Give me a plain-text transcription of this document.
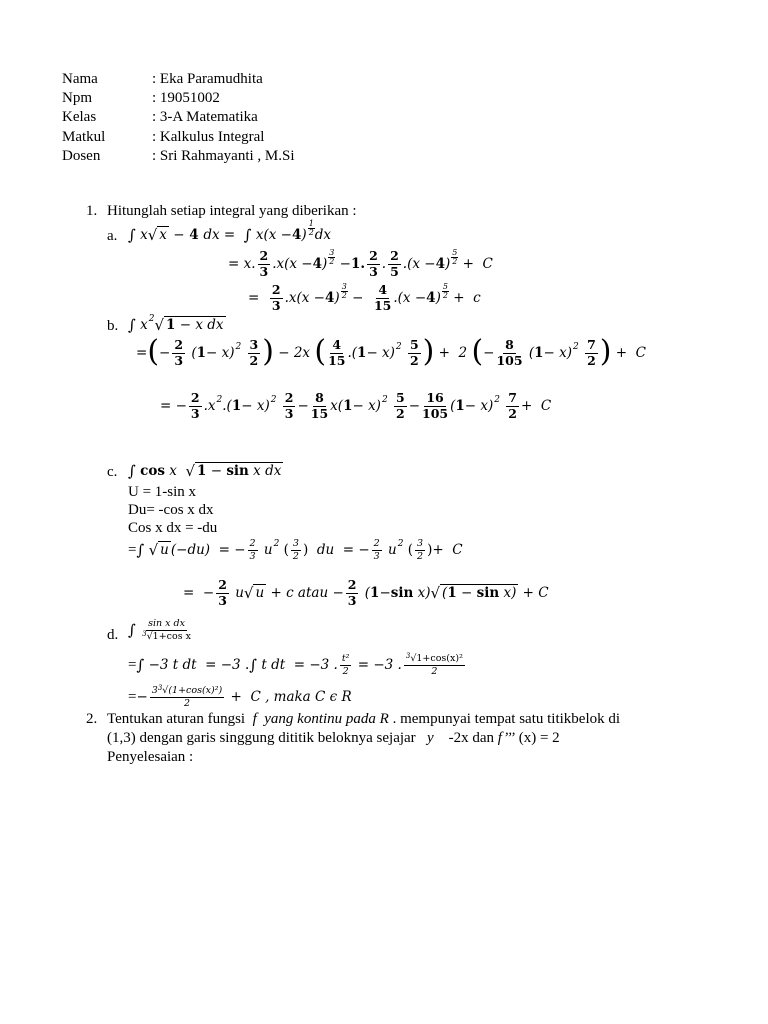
Nama	: Eka Paramudhita
Npm	: 19051002
Kelas	: 3-A Matematika
Matkul	: Kalkulus Integral
Dosen	: Sri Rahmayanti , M.Si
1. Hitunglah setiap integral yang diberikan :
a. ∫ x √ x − 4 dx = ∫ x(x − 4 )
1
2 dx
= x. $\frac{2}{3} .x(x - 4$ )
3
2 − 1. $\frac{2}{3}$ . $\frac{2}{5} .(x - 4$ )
5
2 +  C
= $\frac{2}{3} .x(x - 4$ )
3
$2 - \frac{4}{15} .(x - 4$ )
5
2 +  c
b. ∫ x 2 √ 1 − x dx
= ( − $\frac{2}{3}$ ( 1 − x) 2
$\frac{3}{2}$ ) − 2x ( $\frac{4}{15}$ .( 1 − x) 2
$\frac{5}{2}$ ) +  2 ( − $\frac{8}{105}$ ( 1 − x) 2
$\frac{7}{2}$ ) +  C
= − $\frac{2}{3} .x$ 2 .( 1 − x) 2
$\frac{2}{3} - \frac{8}{15} x$( 1 − x) 2
$\frac{5}{2} - \frac{16}{105}$ ( 1 − x) 2
$\frac{7}{2} + C$
c. ∫
cos x √ 1 − sin x dx
U = 1-sin x
Du= -cos x dx
Cos x dx = -du
= ∫
√ u (−du)  = − $\frac{2}{3}$ u 2
( $\frac{3}{2}$ ) du  = − $\frac{2}{3}$ u 2
( $\frac{3}{2}$ ) +  C
=  − $\frac{2}{3}$ u √ u + c atau − $\frac{2}{3}$ ( 1 − sin x) √ (1 − sin x) + C
d. ∫
$\frac{\text{sin x dx}}{^3√1+\cos x}$
= ∫ −3 t dt  = −3 . ∫ t dt  = −3 . $\frac{\text{t²}}{2} = -3$ . $\frac{^3√1+\cos(x)^2}{2}$
= − $\frac{3^3√(1+\cos(x)^2)}{2} + C$ , maka C ϵ R
2. Tentukan aturan fungsi f yang kontinu pada R . mempunyai tempat satu titikbelok di
(1,3) dengan garis singgung dititik beloknya sejajar y -2x dan f’’’ (x) = 2
Penyelesaian :
